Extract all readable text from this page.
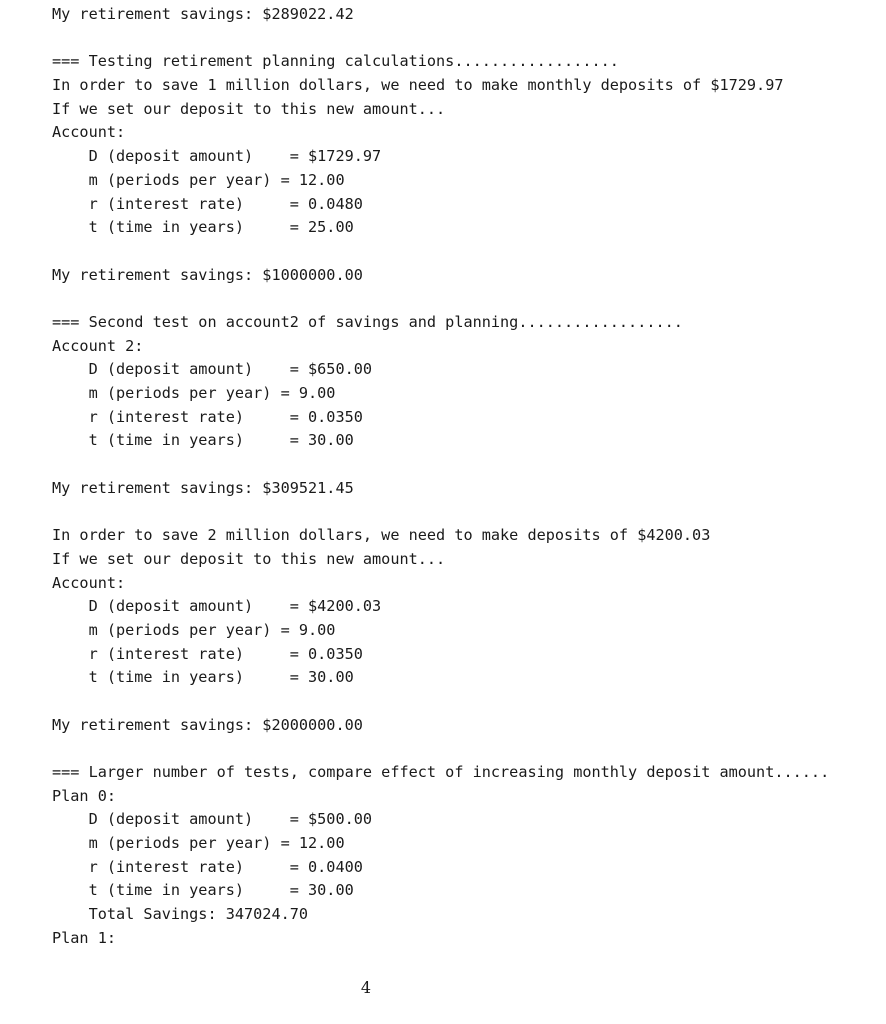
My retirement savings: $289022.42
=== Testing retirement planning calculations..................
In order to save 1 million dollars, we need to make monthly deposits of $1729.97
If we set our deposit to this new amount...
Account:
D (deposit amount)    = $1729.97
m (periods per year) = 12.00
r (interest rate)     = 0.0480
t (time in years)     = 25.00
My retirement savings: $1000000.00
=== Second test on account2 of savings and planning..................
Account 2:
D (deposit amount)    = $650.00
m (periods per year) = 9.00
r (interest rate)     = 0.0350
t (time in years)     = 30.00
My retirement savings: $309521.45
In order to save 2 million dollars, we need to make deposits of $4200.03
If we set our deposit to this new amount...
Account:
D (deposit amount)    = $4200.03
m (periods per year) = 9.00
r (interest rate)     = 0.0350
t (time in years)     = 30.00
My retirement savings: $2000000.00
=== Larger number of tests, compare effect of increasing monthly deposit amount......
Plan 0:
D (deposit amount)    = $500.00
m (periods per year) = 12.00
r (interest rate)     = 0.0400
t (time in years)     = 30.00
Total Savings: 347024.70
Plan 1:
4
